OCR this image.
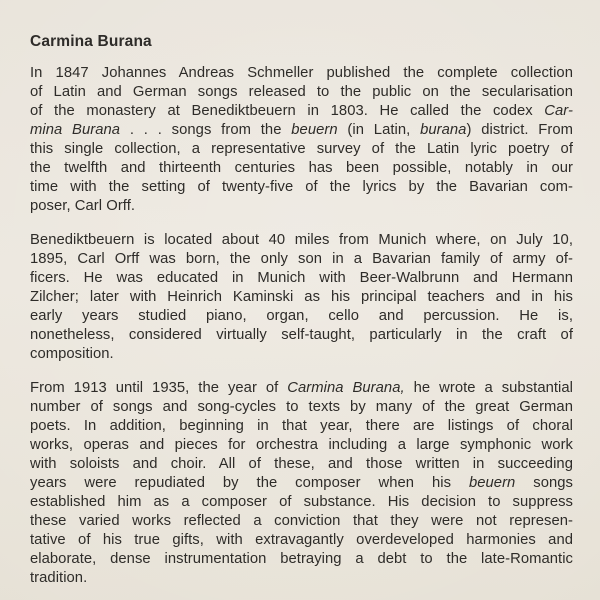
Carmina Burana

In 1847 Johannes Andreas Schmeller published the complete collection
of Latin and German songs released to the public on the secularisation
of the monastery at Benediktbeuern in 1803. He called the codex Car-
mina Burana . . . songs from the beuern (in Latin, burana) district. From
this single collection, a representative survey of the Latin lyric poetry of
the twelfth and thirteenth centuries has been possible, notably in our
time with the setting of twenty-five of the lyrics by the Bavarian com-
poser, Carl Orff.

Benediktbeuern is located about 40 miles from Munich where, on July 10,
1895, Carl Orff was born, the only son in a Bavarian family of army of-
ficers. He was educated in Munich with Beer-Walbrunn and Hermann
Zilcher; later with Heinrich Kaminski as his principal teachers and in his
early years studied piano, organ, cello and percussion. He is,
nonetheless, considered virtually self-taught, particularly in the craft of
composition.

From 1913 until 1935, the year of Carmina Burana, he wrote a substantial
number of songs and song-cycles to texts by many of the great German
poets. In addition, beginning in that year, there are listings of choral
works, operas and pieces for orchestra including a large symphonic work
with soloists and choir. All of these, and those written in succeeding
years were repudiated by the composer when his beuern songs
established him as a composer of substance. His decision to suppress
these varied works reflected a conviction that they were not represen-
tative of his true gifts, with extravagantly overdeveloped harmonies and
elaborate, dense instrumentation betraying a debt to the late-Romantic
tradition.
